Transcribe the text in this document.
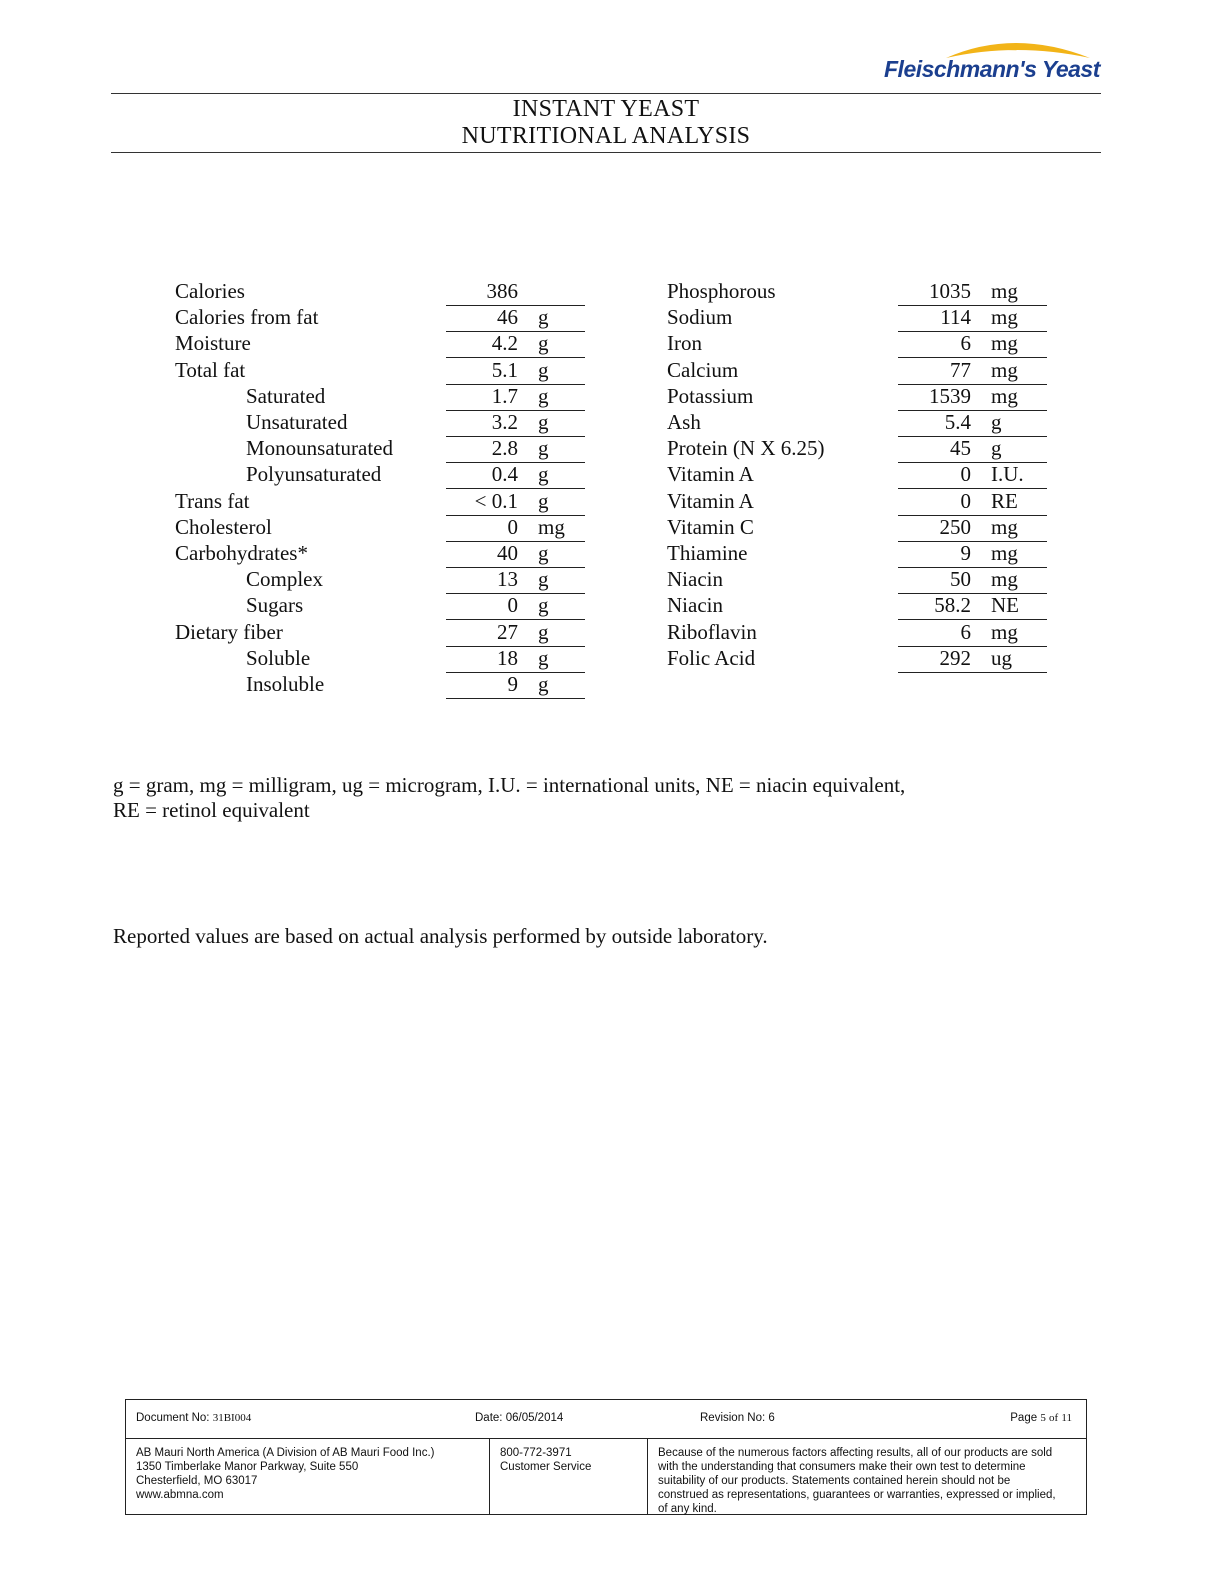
Fleischmann's Yeast
INSTANT YEAST
NUTRITIONAL ANALYSIS
Calories	386
Calories from fat	46 g
Moisture	4.2 g
Total fat	5.1 g
Saturated	1.7 g
Unsaturated	3.2 g
Monounsaturated	2.8 g
Polyunsaturated	0.4 g
Trans fat	< 0.1 g
Cholesterol	0 mg
Carbohydrates*	40 g
Complex	13 g
Sugars	0 g
Dietary fiber	27 g
Soluble	18 g
Insoluble	9 g
Phosphorous	1035 mg
Sodium	114 mg
Iron	6 mg
Calcium	77 mg
Potassium	1539 mg
Ash	5.4 g
Protein (N X 6.25)	45 g
Vitamin A	0 I.U.
Vitamin A	0 RE
Vitamin C	250 mg
Thiamine	9 mg
Niacin	50 mg
Niacin	58.2 NE
Riboflavin	6 mg
Folic Acid	292 ug
g = gram, mg = milligram, ug = microgram, I.U. = international units, NE = niacin equivalent,
RE = retinol equivalent
Reported values are based on actual analysis performed by outside laboratory.
Document No: 31BI004	Date: 06/05/2014	Revision No: 6	Page 5 of 11
AB Mauri North America (A Division of AB Mauri Food Inc.)
1350 Timberlake Manor Parkway, Suite 550
Chesterfield, MO 63017
www.abmna.com
800-772-3971
Customer Service
Because of the numerous factors affecting results, all of our products are sold
with the understanding that consumers make their own test to determine
suitability of our products. Statements contained herein should not be
construed as representations, guarantees or warranties, expressed or implied,
of any kind.
